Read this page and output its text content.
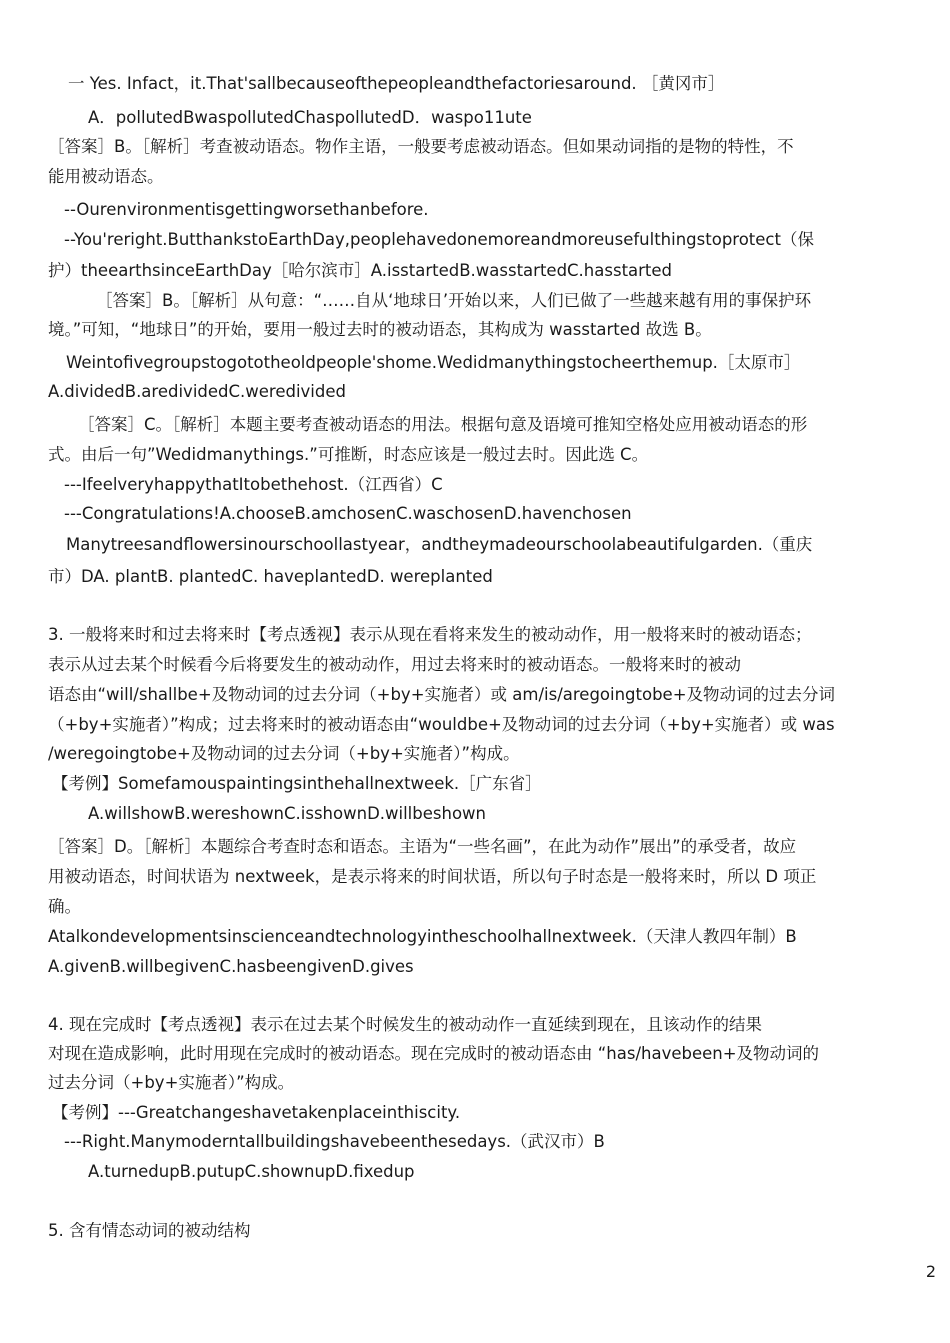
一 Yes. Infact，it.That'sallbecauseofthepeopleandthefactoriesaround. ［黄冈市］
A．pollutedBwaspollutedChaspollutedD．waspo11ute
［答案］B。［解析］考查被动语态。物作主语，一般要考虑被动语态。但如果动词指的是物的特性，不
能用被动语态。
--Ourenvironmentisgettingworsethanbefore.
--You'reright.ButthankstoEarthDay,peoplehavedonemoreandmoreusefulthingstoprotect（保
护）theearthsinceEarthDay［哈尔滨市］A.isstartedB.wasstartedC.hasstarted
［答案］B。［解析］从句意：“……自从‘地球日’开始以来，人们已做了一些越来越有用的事保护环
境。”可知，“地球日”的开始，要用一般过去时的被动语态，其构成为 wasstarted 故选 B。
Weintofivegroupstogototheoldpeople'shome.Wedidmanythingstocheerthemup.［太原市］
A.dividedB.aredividedC.weredivided
［答案］C。［解析］本题主要考查被动语态的用法。根据句意及语境可推知空格处应用被动语态的形
式。由后一句”Wedidmanythings.”可推断，时态应该是一般过去时。因此选 C。
---IfeelveryhappythatItobethehost.（江西省）C
---Congratulations!A.chooseB.amchosenC.waschosenD.havenchosen
Manytreesandflowersinourschoollastyear，andtheymadeourschoolabeautifulgarden.（重庆
市）DA. plantB. plantedC. haveplantedD. wereplanted
3. 一般将来时和过去将来时【考点透视】表示从现在看将来发生的被动动作，用一般将来时的被动语态；
表示从过去某个时候看今后将要发生的被动动作，用过去将来时的被动语态。一般将来时的被动
语态由“will/shallbe+及物动词的过去分词（+by+实施者）或 am/is/aregoingtobe+及物动词的过去分词
（+by+实施者）”构成；过去将来时的被动语态由“wouldbe+及物动词的过去分词（+by+实施者）或 was
/weregoingtobe+及物动词的过去分词（+by+实施者）”构成。
【考例】Somefamouspaintingsinthehallnextweek.［广东省］
A.willshowB.wereshownC.isshownD.willbeshown
［答案］D。［解析］本题综合考查时态和语态。主语为“一些名画”，在此为动作”展出”的承受者，故应
用被动语态，时间状语为 nextweek，是表示将来的时间状语，所以句子时态是一般将来时，所以 D 项正
确。
Atalkondevelopmentsinscienceandtechnologyintheschoolhallnextweek.（天津人教四年制）B
A.givenB.willbegivenC.hasbeengivenD.gives
4. 现在完成时【考点透视】表示在过去某个时候发生的被动动作一直延续到现在，且该动作的结果
对现在造成影响，此时用现在完成时的被动语态。现在完成时的被动语态由 “has/havebeen+及物动词的
过去分词（+by+实施者）”构成。
【考例】---Greatchangeshavetakenplaceinthiscity.
---Right.Manymoderntallbuildingshavebeenthesedays.（武汉市）B
A.turnedupB.putupC.shownupD.fixedup
5. 含有情态动词的被动结构
2
